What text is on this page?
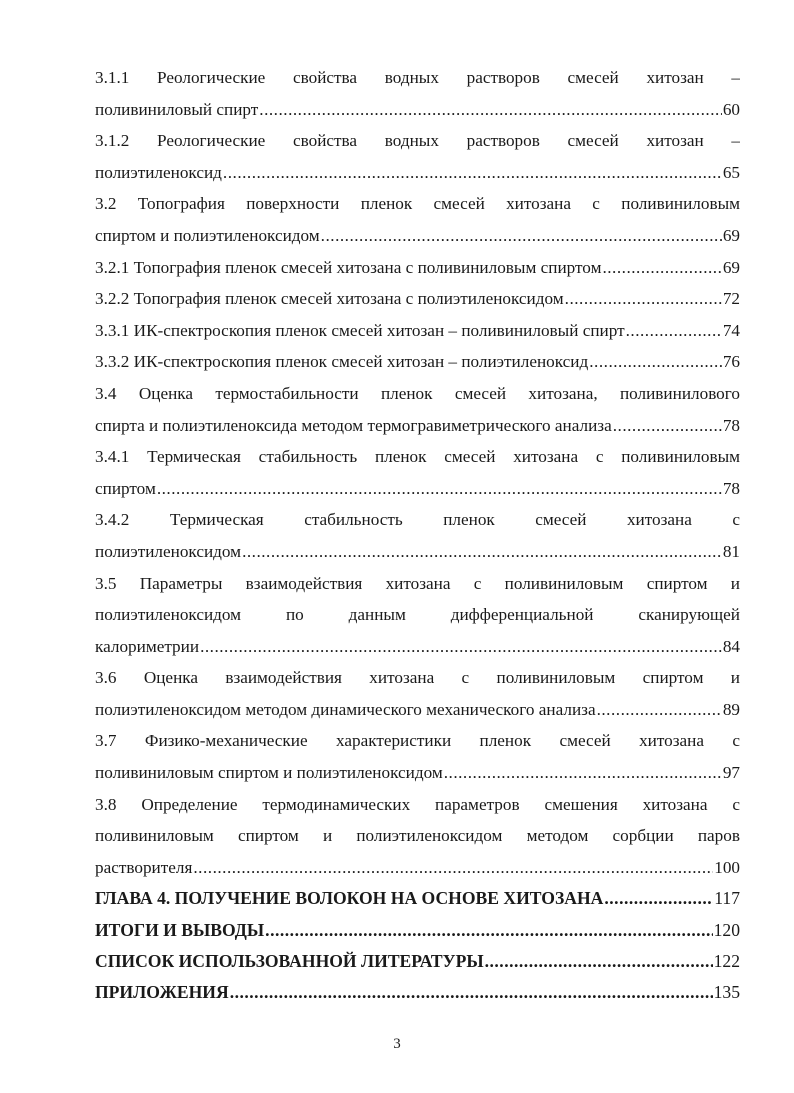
3.1.1 Реологические свойства водных растворов смесей хитозан –
поливиниловый спирт .....	60
3.1.2 Реологические свойства водных растворов смесей хитозан –
полиэтиленоксид .....	65
3.2 Топография поверхности пленок смесей хитозана с поливиниловым
спиртом и полиэтиленоксидом .....	69
3.2.1 Топография пленок смесей хитозана с поливиниловым спиртом .....	69
3.2.2 Топография пленок смесей хитозана с полиэтиленоксидом .....	72
3.3.1 ИК-спектроскопия пленок смесей хитозан – поливиниловый спирт .....	74
3.3.2 ИК-спектроскопия пленок смесей хитозан – полиэтиленоксид .....	76
3.4 Оценка термостабильности пленок смесей хитозана, поливинилового
спирта и полиэтиленоксида методом термогравиметрического анализа .....	78
3.4.1 Термическая стабильность пленок смесей хитозана с поливиниловым
спиртом .....	78
3.4.2 Термическая стабильность пленок смесей хитозана с
полиэтиленоксидом .....	81
3.5 Параметры взаимодействия хитозана с поливиниловым спиртом и
полиэтиленоксидом по данным дифференциальной сканирующей
калориметрии .....	84
3.6 Оценка взаимодействия хитозана с поливиниловым спиртом и
полиэтиленоксидом методом динамического механического анализа .....	89
3.7 Физико-механические характеристики пленок смесей хитозана с
поливиниловым спиртом и полиэтиленоксидом .....	97
3.8 Определение термодинамических параметров смешения хитозана с
поливиниловым спиртом и полиэтиленоксидом методом сорбции паров
растворителя .....	100
ГЛАВА 4. ПОЛУЧЕНИЕ ВОЛОКОН НА ОСНОВЕ ХИТОЗАНА .....	117
ИТОГИ И ВЫВОДЫ .....	120
СПИСОК ИСПОЛЬЗОВАННОЙ ЛИТЕРАТУРЫ .....	122
ПРИЛОЖЕНИЯ .....	135
3
